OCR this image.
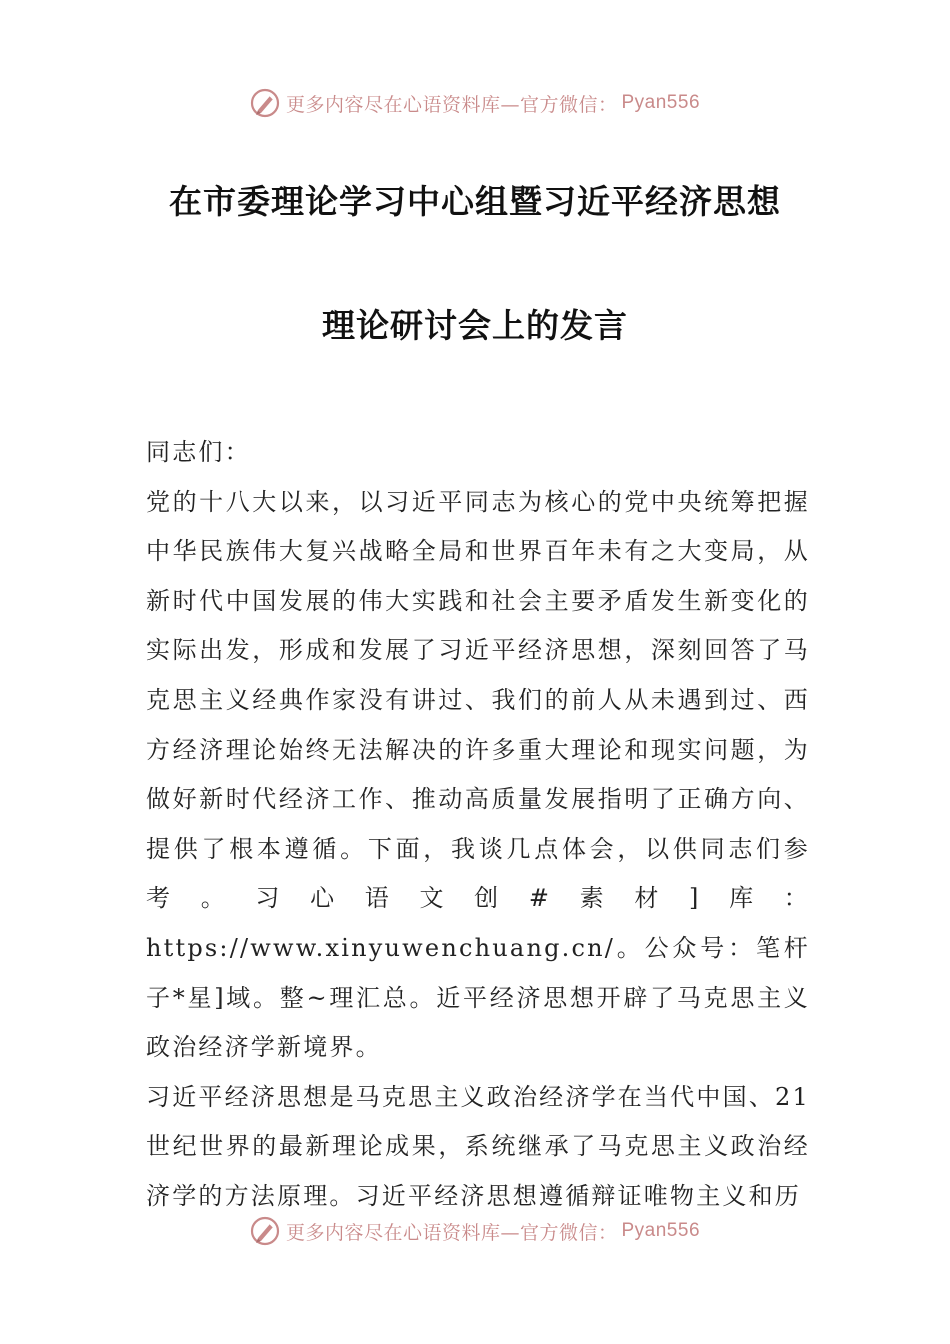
更多内容尽在心语资料库—官方微信： Pyan556
在市委理论学习中心组暨习近平经济思想
理论研讨会上的发言

同志们：

党的十八大以来，以习近平同志为核心的党中央统筹把握中华民族伟大复兴战略全局和世界百年未有之大变局，从新时代中国发展的伟大实践和社会主要矛盾发生新变化的实际出发，形成和发展了习近平经济思想，深刻回答了马克思主义经典作家没有讲过、我们的前人从未遇到过、西方经济理论始终无法解决的许多重大理论和现实问题，为做好新时代经济工作、推动高质量发展指明了正确方向、提供了根本遵循。下面，我谈几点体会，以供同志们参考。习心语文创#素材]库：https://www.xinyuwenchuang.cn/。公众号：笔杆子*星]域。整~理汇总。近平经济思想开辟了马克思主义政治经济学新境界。

习近平经济思想是马克思主义政治经济学在当代中国、21世纪世界的最新理论成果，系统继承了马克思主义政治经济学的方法原理。习近平经济思想遵循辩证唯物主义和历

更多内容尽在心语资料库—官方微信： Pyan556
